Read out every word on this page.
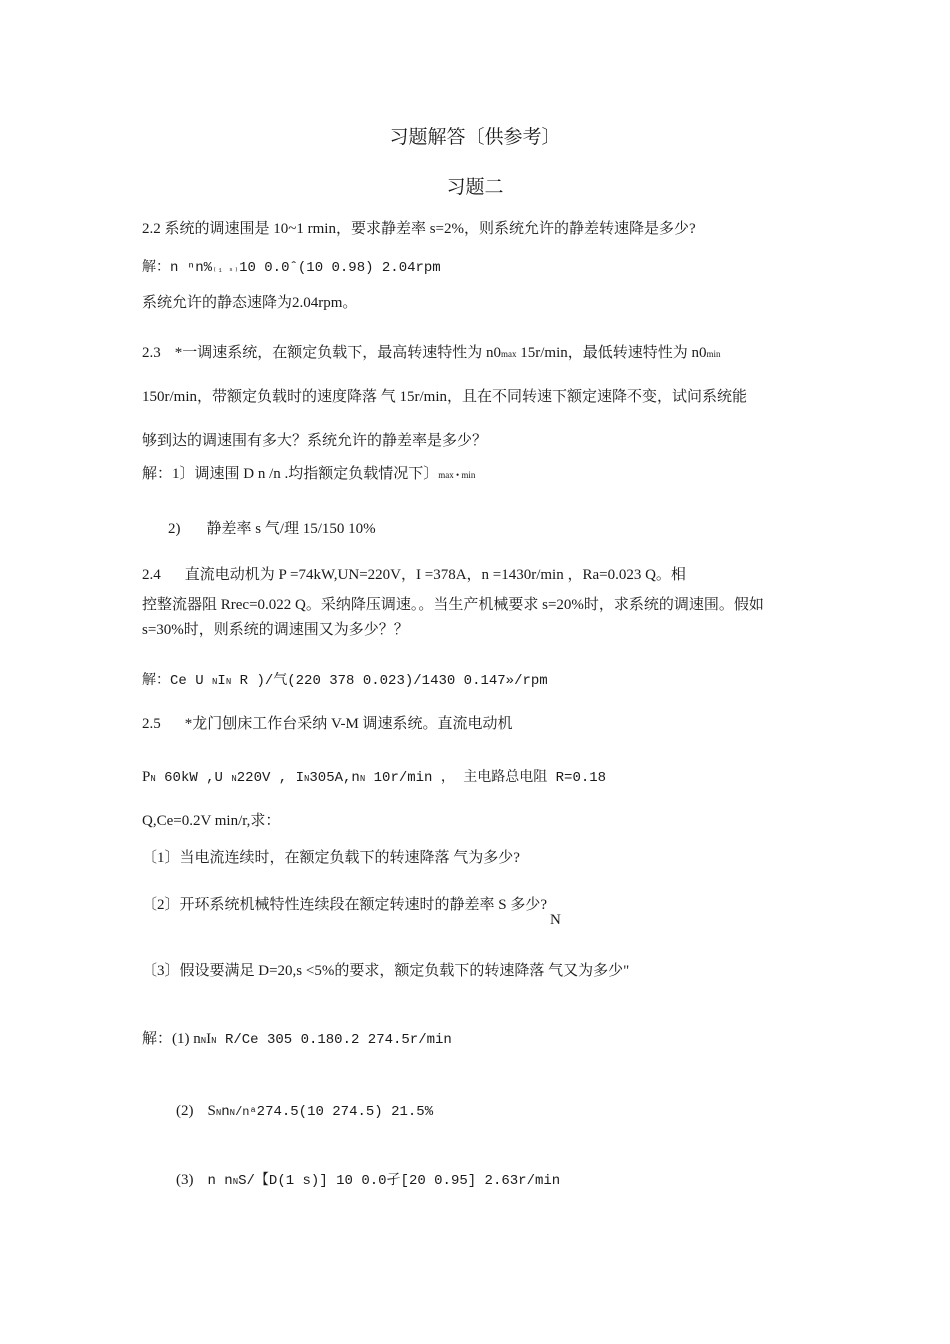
习题解答〔供参考〕
习题二
2.2 系统的调速围是 10~1 rmin，要求静差率 s=2%，则系统允许的静差转速降是多少?
解：n ⁿn%₍₁ ₛ₎10 0.0ˆ(10 0.98) 2.04rpm
系统允许的静态速降为2.04rpm。
2.3 *一调速系统，在额定负载下，最高转速特性为 n0max 15r/min，最低转速特性为 n0min
150r/min，带额定负载时的速度降落 气 15r/min，且在不同转速下额定速降不变，试问系统能
够到达的调速围有多大？系统允许的静差率是多少？
解：1〕调速围 D n /n .均指额定负载情况下〕max • min
2) 静差率 s 气/理 15/150 10%
2.4 直流电动机为 P =74kW,UN=220V，I =378A，n =1430r/min ，Ra=0.023 Q。相
控整流器阻 Rrec=0.022 Q。采纳降压调速。。当生产机械要求 s=20%时，求系统的调速围。假如
s=30%时，则系统的调速围又为多少？？
解：Ce U NIN R )/气(220 378 0.023)/1430 0.147»/rpm
2.5 *龙门刨床工作台采纳 V-M 调速系统。直流电动机
PN 60kW ,U N220V , IN305A,nN 10r/min ， 主电路总电阻 R=0.18
Q,Ce=0.2V min/r,求：
〔1〕当电流连续时，在额定负载下的转速降落 气为多少?
〔2〕开环系统机械特性连续段在额定转速时的静差率 S 多少?
N
〔3〕假设要满足 D=20,s <5%的要求，额定负载下的转速降落 气又为多少"
解：(1) nNIN R/Ce 305 0.180.2 274.5r/min
(2) SNnN/nᵃ274.5(10 274.5) 21.5%
(3) n nNS/【D(1 s)] 10 0.0孑[20 0.95] 2.63r/min
